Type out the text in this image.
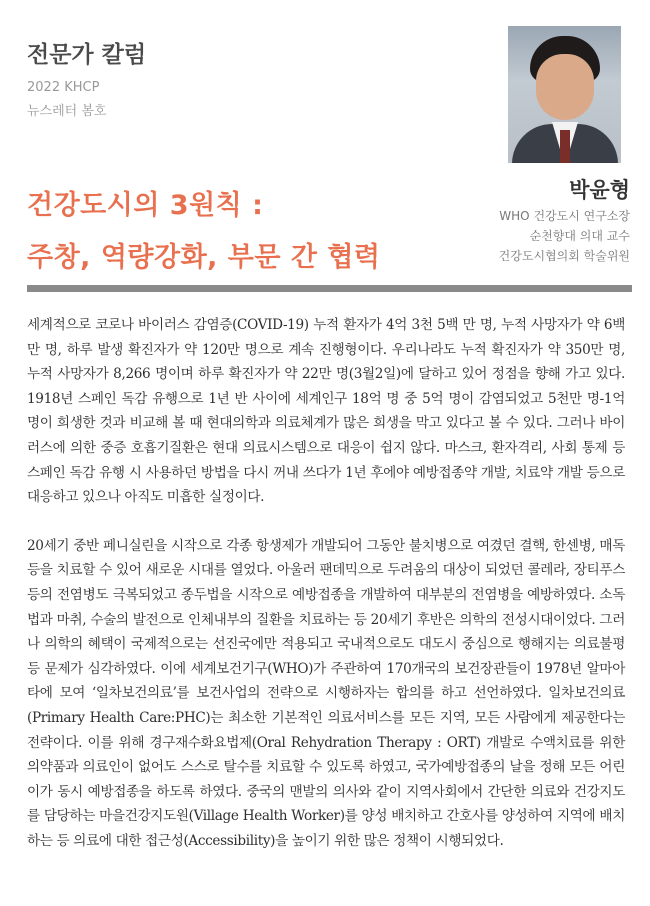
전문가 칼럼
2022 KHCP
뉴스레터 봄호
건강도시의 3원칙 :
주창, 역량강화, 부문 간 협력
박윤형
WHO 건강도시 연구소장
순천향대 의대 교수
건강도시협의회 학술위원

세계적으로 코로나 바이러스 감염증(COVID-19) 누적 환자가 4억 3천 5백 만 명, 누적 사망자가 약 6백만 명, 하루 발생 확진자가 약 120만 명으로 계속 진행형이다. 우리나라도 누적 확진자가 약 350만 명, 누적 사망자가 8,266 명이며 하루 확진자가 약 22만 명(3월2일)에 달하고 있어 정점을 향해 가고 있다. 1918년 스페인 독감 유행으로 1년 반 사이에 세계인구 18억 명 중 5억 명이 감염되었고 5천만 명-1억 명이 희생한 것과 비교해 볼 때 현대의학과 의료체계가 많은 희생을 막고 있다고 볼 수 있다. 그러나 바이러스에 의한 중증 호흡기질환은 현대 의료시스템으로 대응이 쉽지 않다. 마스크, 환자격리, 사회 통제 등 스페인 독감 유행 시 사용하던 방법을 다시 꺼내 쓰다가 1년 후에야 예방접종약 개발, 치료약 개발 등으로 대응하고 있으나 아직도 미흡한 실정이다.

20세기 중반 페니실린을 시작으로 각종 항생제가 개발되어 그동안 불치병으로 여겼던 결핵, 한센병, 매독 등을 치료할 수 있어 새로운 시대를 열었다. 아울러 팬데믹으로 두려움의 대상이 되었던 콜레라, 장티푸스 등의 전염병도 극복되었고 종두법을 시작으로 예방접종을 개발하여 대부분의 전염병을 예방하였다. 소독법과 마취, 수술의 발전으로 인체내부의 질환을 치료하는 등 20세기 후반은 의학의 전성시대이었다. 그러나 의학의 혜택이 국제적으로는 선진국에만 적용되고 국내적으로도 대도시 중심으로 행해지는 의료불평등 문제가 심각하였다. 이에 세계보건기구(WHO)가 주관하여 170개국의 보건장관들이 1978년 알마아타에 모여 ‘일차보건의료’를 보건사업의 전략으로 시행하자는 합의를 하고 선언하였다. 일차보건의료(Primary Health Care:PHC)는 최소한 기본적인 의료서비스를 모든 지역, 모든 사람에게 제공한다는 전략이다. 이를 위해 경구재수화요법제(Oral Rehydration Therapy : ORT) 개발로 수액치료를 위한 의약품과 의료인이 없어도 스스로 탈수를 치료할 수 있도록 하였고, 국가예방접종의 날을 정해 모든 어린이가 동시 예방접종을 하도록 하였다. 중국의 맨발의 의사와 같이 지역사회에서 간단한 의료와 건강지도를 담당하는 마을건강지도원(Village Health Worker)를 양성 배치하고 간호사를 양성하여 지역에 배치하는 등 의료에 대한 접근성(Accessibility)을 높이기 위한 많은 정책이 시행되었다.
